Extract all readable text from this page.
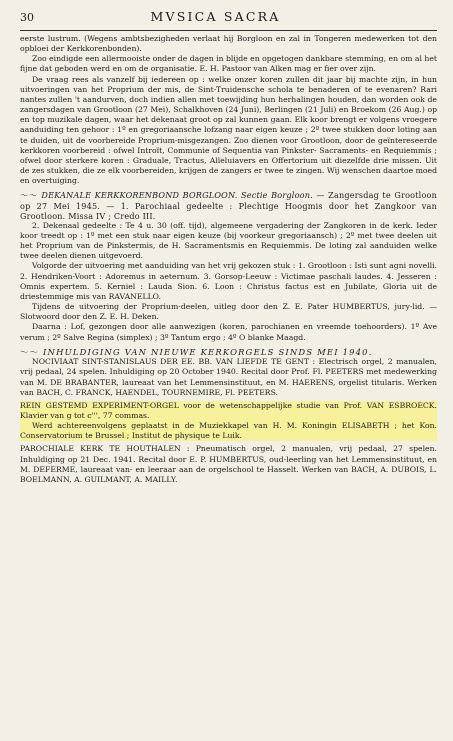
30	MVSICA SACRA

eerste lustrum. (Wegens ambtsbezigheden verlaat hij Borgloon en zal in Tongeren medewerken tot den opbloei der Kerkkorenbonden).

Zoo eindigde een allermooiste onder de dagen in blijde en opgetogen dankbare stemming, en om al het fijne dat geboden werd en om de organisatie. E. H. Pastoor van Alken mag er fier over zijn.

De vraag rees als vanzelf bij iedereen op : welke onzer koren zullen dit jaar bij machte zijn, in hun uitvoeringen van het Proprium der mis, de Sint-Truidensche schola te benaderen of te evenaren? Rari nantes zullen 't aandurven, doch indien allen met toewijding hun herhalingen houden, dan worden ook de zangersdagen van Grootloon (27 Mei), Schalkhoven (24 Juni), Berlingen (21 Juli) en Broekom (26 Aug.) op en top muzikale dagen, waar het dekenaat groot op zal kunnen gaan. Elk koor brengt er volgens vroegere aanduiding ten gehoor : 1º en gregoriaansche lofzang naar eigen keuze ; 2º twee stukken door loting aan te duiden, uit de voorbereide Proprium-misgezangen. Zoo dienen voor Grootloon, door de geïntereseerde kerkkoren voorbereid : ofwel Introït, Communie of Sequentia van Pinkster- Sacraments- en Requiemmis ; ofwel door sterkere koren : Graduale, Tractus, Alleluiavers en Offertorium uit diezelfde drie missen. Uit de zes stukken, die ze elk voorbereiden, krijgen de zangers er twee te zingen. Wij wenschen daartoe moed en overtuiging.

〜〜 DEKANALE KERKKORENBOND BORGLOON. Sectie Borgloon. — Zangersdag te Grootloon op 27 Mei 1945. — 1. Parochiaal gedeelte : Plechtige Hoogmis door het Zangkoor van Grootloon. Missa IV ; Credo III.

2. Dekenaal gedeelte : Te 4 u. 30 (off. tijd), algemeene vergadering der Zangkoren in de kerk. Ieder koor treedt op : 1º met een stuk naar eigen keuze (bij voorkeur gregoriaansch) ; 2º met twee deelen uit het Proprium van de Pinkstermis, de H. Sacramentsmis en Requiemmis. De loting zal aanduiden welke twee deelen dienen uitgevoerd.

Volgorde der uitvoering met aanduiding van het vrij gekozen stuk : 1. Grootloon : Isti sunt agni novelli. 2. Hendriken-Voort : Adoremus in aeternum. 3. Gorsop-Leeuw : Victimae paschali laudes. 4. Jesseren : Omnis expertem. 5. Kerniel : Lauda Sion. 6. Loon : Christus factus est en Jubilate, Gloria uit de driestemmige mis van RAVANELLO.

Tijdens de uitvoering der Proprium-deelen, uitleg door den Z. E. Pater HUMBERTUS, jury-lid. — Slotwoord door den Z. E. H. Deken.

Daarna : Lof, gezongen door alle aanwezigen (koren, parochianen en vreemde toehoorders). 1º Ave verum ; 2º Salve Regina (simplex) ; 3º Tantum ergo ; 4º O blanke Maagd.

〜〜 INHULDIGING VAN NIEUWE KERKORGELS SINDS MEI 1940.

NOCIVIAAT SINT-STANISLAUS DER EE. BB. VAN LIEFDE TE GENT : Electrisch orgel, 2 manualen, vrij pedaal, 24 spelen. Inhuldiging op 20 October 1940. Recital door Prof. Fl. PEETERS met medewerking van M. DE BRABANTER, laureaat van het Lemmensinstituut, en M. HAERENS, orgelist titularis. Werken van BACH, C. FRANCK, HAENDEL, TOURNEMIRE, Fl. PEETERS.

REIN GESTEMD EXPERIMENT-ORGEL voor de wetenschappelijke studie van Prof. VAN ESBROECK. Klavier van g tot c''', 77 commas.

Werd achtereenvolgens geplaatst in de Muziekkapel van H. M. Koningin ELISABETH ; het Kon. Conservatorium te Brussel ; Institut de physique te Luik.

PAROCHIALE KERK TE HOUTHALEN : Pneumatisch orgel, 2 manualen, vrij pedaal, 27 spelen. Inhuldiging op 21 Dec. 1941. Recital door E. P. HUMBERTUS, oud-leerling van het Lemmensinstituut, en M. DEFERME, laureaat van- en leeraar aan de orgelschool te Hasselt. Werken van BACH, A. DUBOIS, L. BOELMANN, A. GUILMANT, A. MAILLY.
